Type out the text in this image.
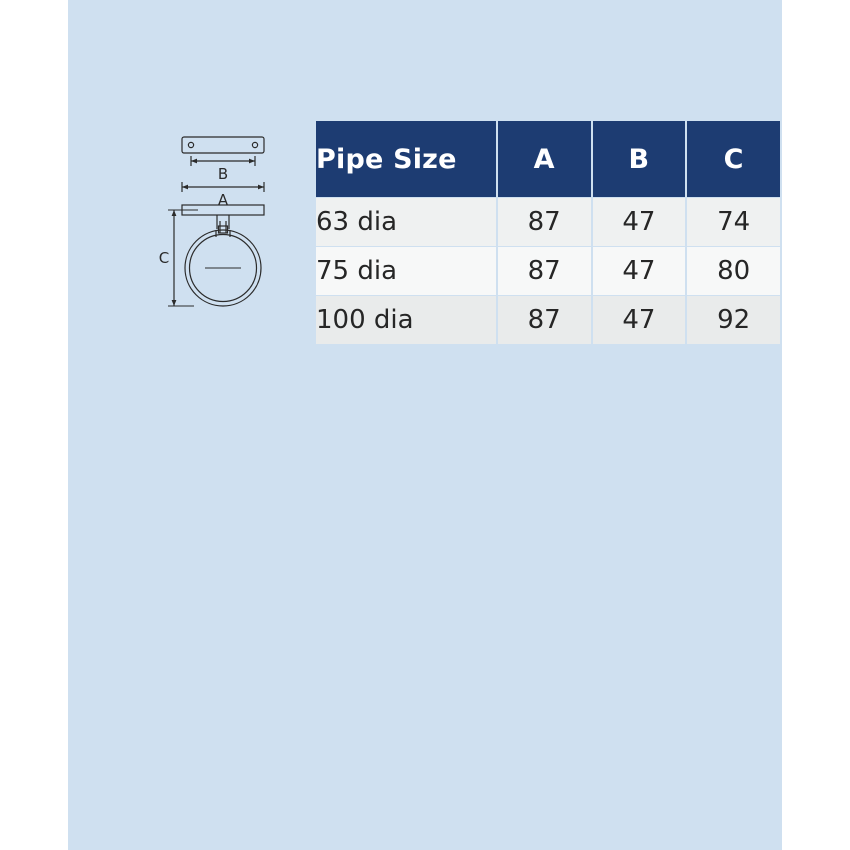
B
A
C
Pipe Size	A	B	C
63 dia	87	47	74
75 dia	87	47	80
100 dia	87	47	92
